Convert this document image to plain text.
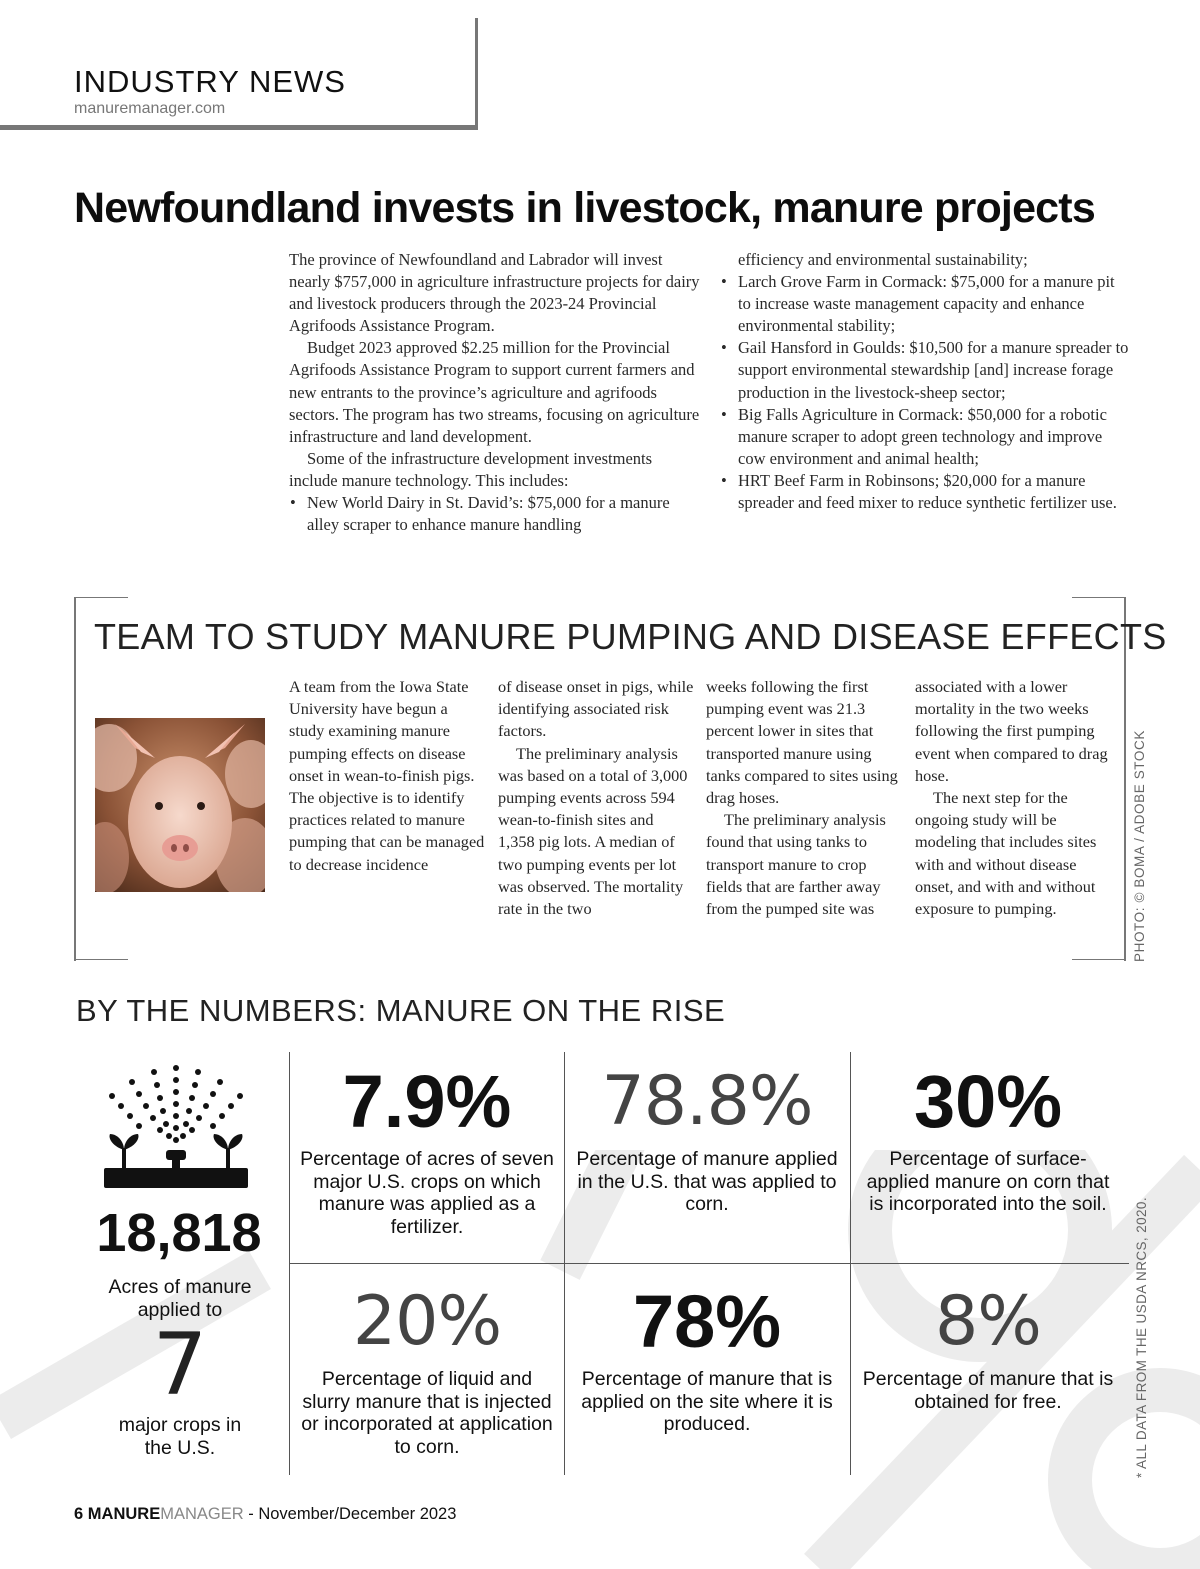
INDUSTRY NEWS
manuremanager.com
Newfoundland invests in livestock, manure projects

The province of Newfoundland and Labrador will invest nearly $757,000 in agriculture infrastructure projects for dairy and livestock producers through the 2023-24 Provincial Agrifoods Assistance Program.

Budget 2023 approved $2.25 million for the Provincial Agrifoods Assistance Program to support current farmers and new entrants to the province’s agriculture and agrifoods sectors. The program has two streams, focusing on agriculture infrastructure and land development.

Some of the infrastructure development investments include manure technology. This includes:

• New World Dairy in St. David’s: $75,000 for a manure alley scraper to enhance manure handling
efficiency and environmental sustainability;
• Larch Grove Farm in Cormack: $75,000 for a manure pit to increase waste management capacity and enhance environmental stability;
• Gail Hansford in Goulds: $10,500 for a manure spreader to support environmental stewardship [and] increase forage production in the livestock-sheep sector;
• Big Falls Agriculture in Cormack: $50,000 for a robotic manure scraper to adopt green technology and improve cow environment and animal health;
• HRT Beef Farm in Robinsons; $20,000 for a manure spreader and feed mixer to reduce synthetic fertilizer use.
TEAM TO STUDY MANURE PUMPING AND DISEASE EFFECTS

A team from the Iowa State University have begun a study examining manure pumping effects on disease onset in wean-to-finish pigs. The objective is to identify practices related to manure pumping that can be managed to decrease incidence

of disease onset in pigs, while identifying associated risk factors.

The preliminary analysis was based on a total of 3,000 pumping events across 594 wean-to-finish sites and 1,358 pig lots. A median of two pumping events per lot was observed. The mortality rate in the two

weeks following the first pumping event was 21.3 percent lower in sites that transported manure using tanks compared to sites using drag hoses.

The preliminary analysis found that using tanks to transport manure to crop fields that are farther away from the pumped site was

associated with a lower mortality in the two weeks following the first pumping event when compared to drag hose.

The next step for the ongoing study will be modeling that includes sites with and without disease onset, and with and without exposure to pumping.	PHOTO: © BOMA / ADOBE STOCK
BY THE NUMBERS: MANURE ON THE RISE
18,818
Acres of manure applied to
7
major crops in the U.S.
7.9%
Percentage of acres of seven major U.S. crops on which manure was applied as a fertilizer.
78.8%
Percentage of manure applied in the U.S. that was applied to corn.
30%
Percentage of surface-applied manure on corn that is incorporated into the soil.
20%
Percentage of liquid and slurry manure that is injected or incorporated at application to corn.
78%
Percentage of manure that is applied on the site where it is produced.
8%
Percentage of manure that is obtained for free.	* ALL DATA FROM THE USDA NRCS, 2020.
6 MANUREMANAGER - November/December 2023
